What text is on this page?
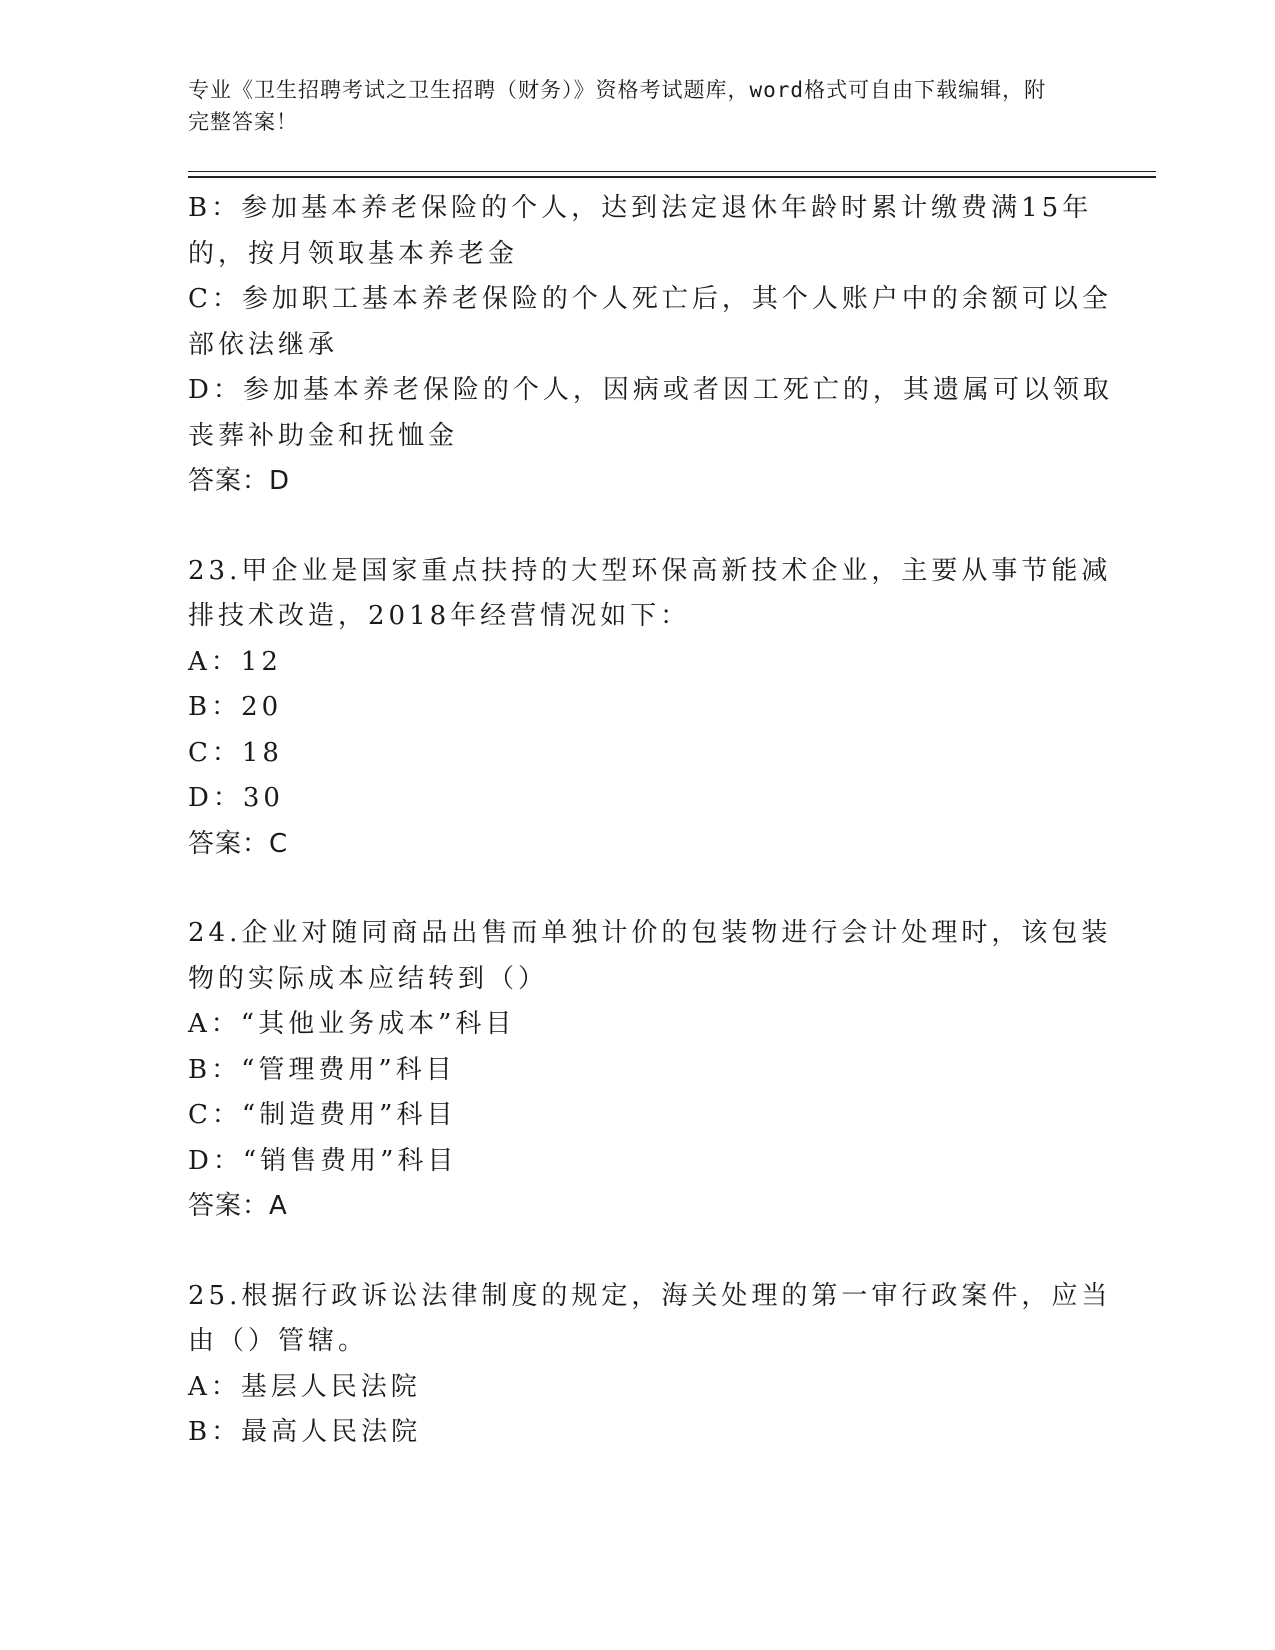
专业《卫生招聘考试之卫生招聘（财务）》资格考试题库，word格式可自由下载编辑，附完整答案！
B：参加基本养老保险的个人，达到法定退休年龄时累计缴费满15年
的，按月领取基本养老金
C：参加职工基本养老保险的个人死亡后，其个人账户中的余额可以全
部依法继承
D：参加基本养老保险的个人，因病或者因工死亡的，其遗属可以领取
丧葬补助金和抚恤金
答案：D
23.甲企业是国家重点扶持的大型环保高新技术企业，主要从事节能减
排技术改造，2018年经营情况如下：
A：12
B：20
C：18
D：30
答案：C
24.企业对随同商品出售而单独计价的包装物进行会计处理时，该包装
物的实际成本应结转到（）
A：“其他业务成本”科目
B：“管理费用”科目
C：“制造费用”科目
D：“销售费用”科目
答案：A
25.根据行政诉讼法律制度的规定，海关处理的第一审行政案件，应当
由（）管辖。
A：基层人民法院
B：最高人民法院
